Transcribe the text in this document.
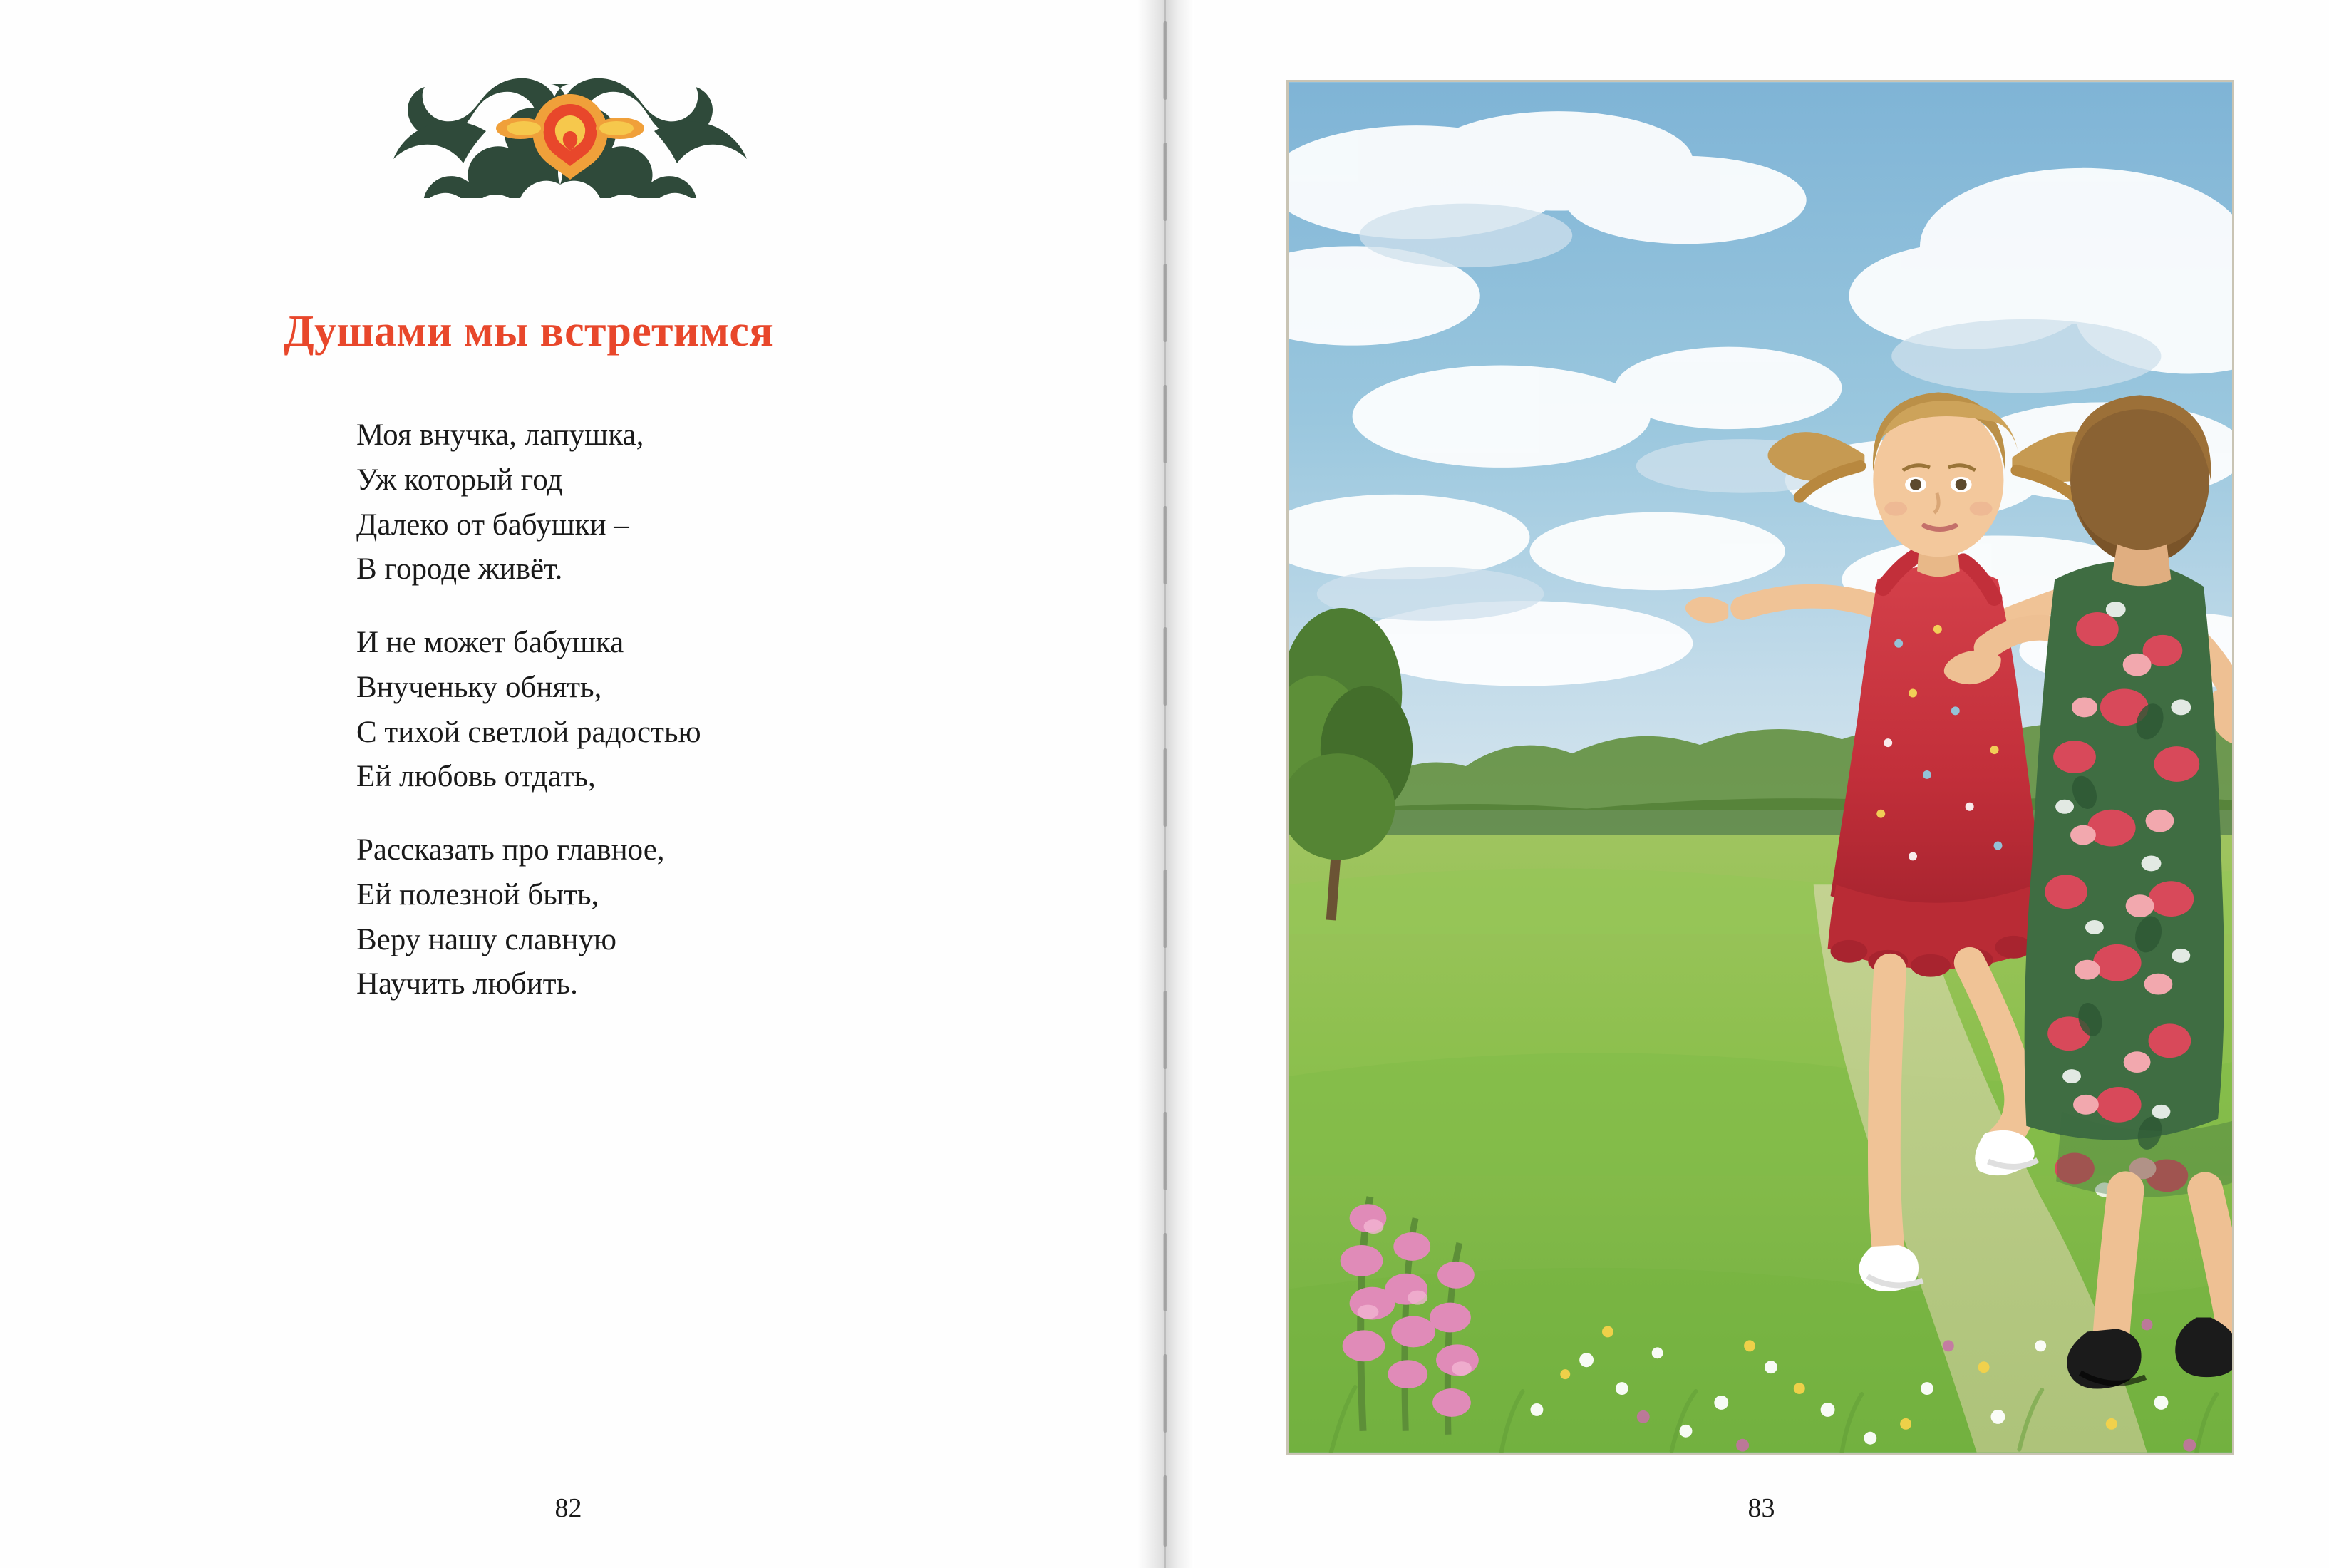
Душами мы встретимся
Моя внучка, лапушка,
Уж который год
Далеко от бабушки –
В городе живёт.
И не может бабушка
Внученьку обнять,
С тихой светлой радостью
Ей любовь отдать,
Рассказать про главное,
Ей полезной быть,
Веру нашу славную
Научить любить.
82	83
